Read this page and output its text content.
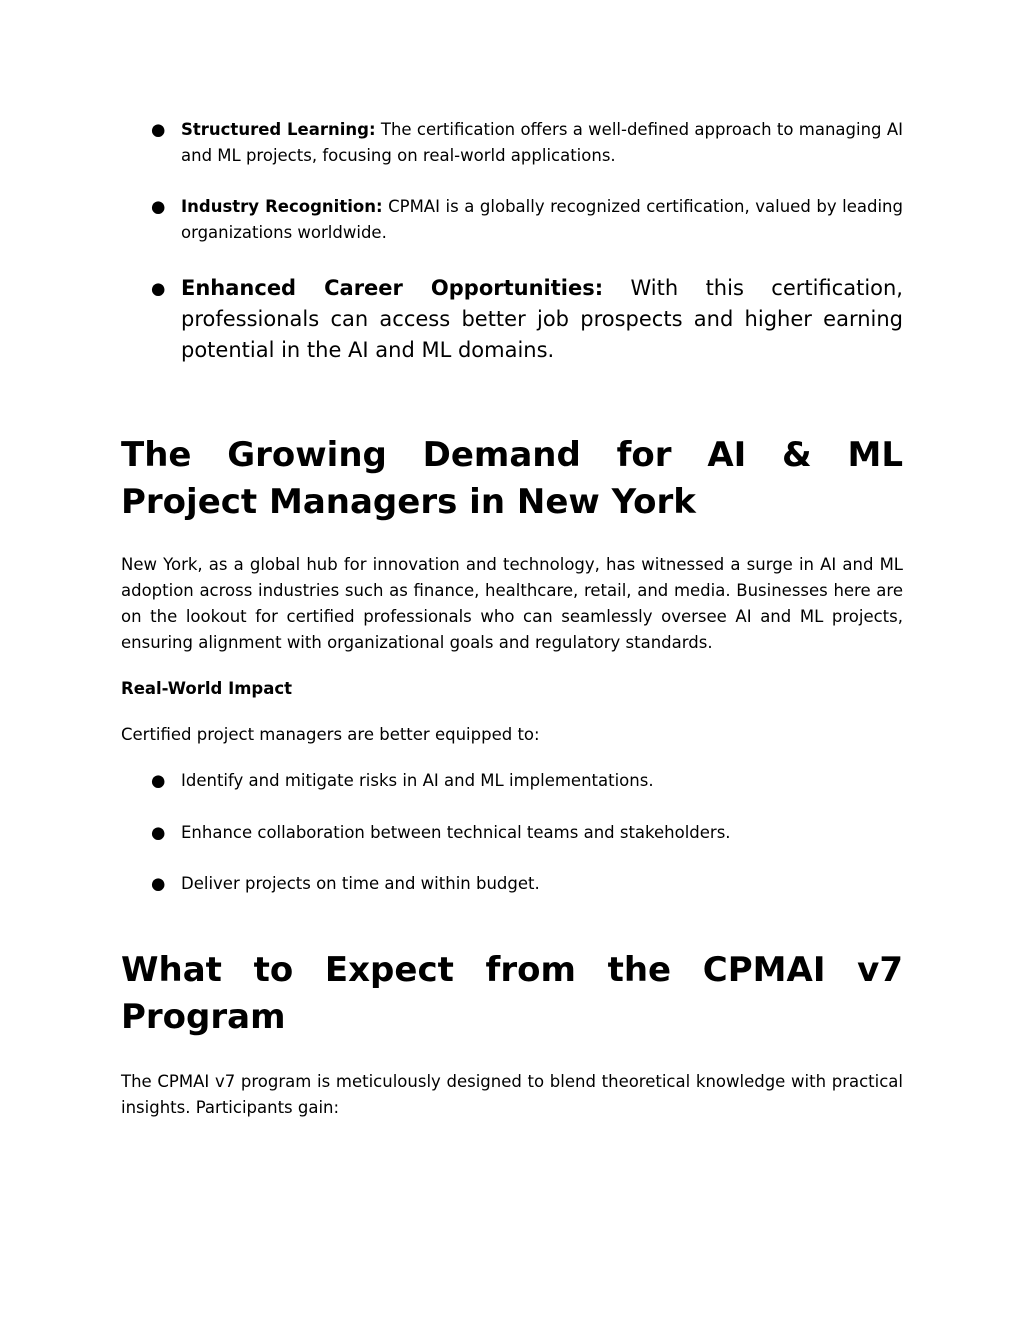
● Structured Learning: The certification offers a well-defined approach to managing AI and ML projects, focusing on real-world applications.
● Industry Recognition: CPMAI is a globally recognized certification, valued by leading organizations worldwide.
● Enhanced Career Opportunities: With this certification, professionals can access better job prospects and higher earning potential in the AI and ML domains.
The Growing Demand for AI & ML Project Managers in New York

New York, as a global hub for innovation and technology, has witnessed a surge in AI and ML adoption across industries such as finance, healthcare, retail, and media. Businesses here are on the lookout for certified professionals who can seamlessly oversee AI and ML projects, ensuring alignment with organizational goals and regulatory standards.

Real-World Impact

Certified project managers are better equipped to:

● Identify and mitigate risks in AI and ML implementations.
● Enhance collaboration between technical teams and stakeholders.
● Deliver projects on time and within budget.
What to Expect from the CPMAI v7
Program

The CPMAI v7 program is meticulously designed to blend theoretical knowledge with practical insights. Participants gain:
